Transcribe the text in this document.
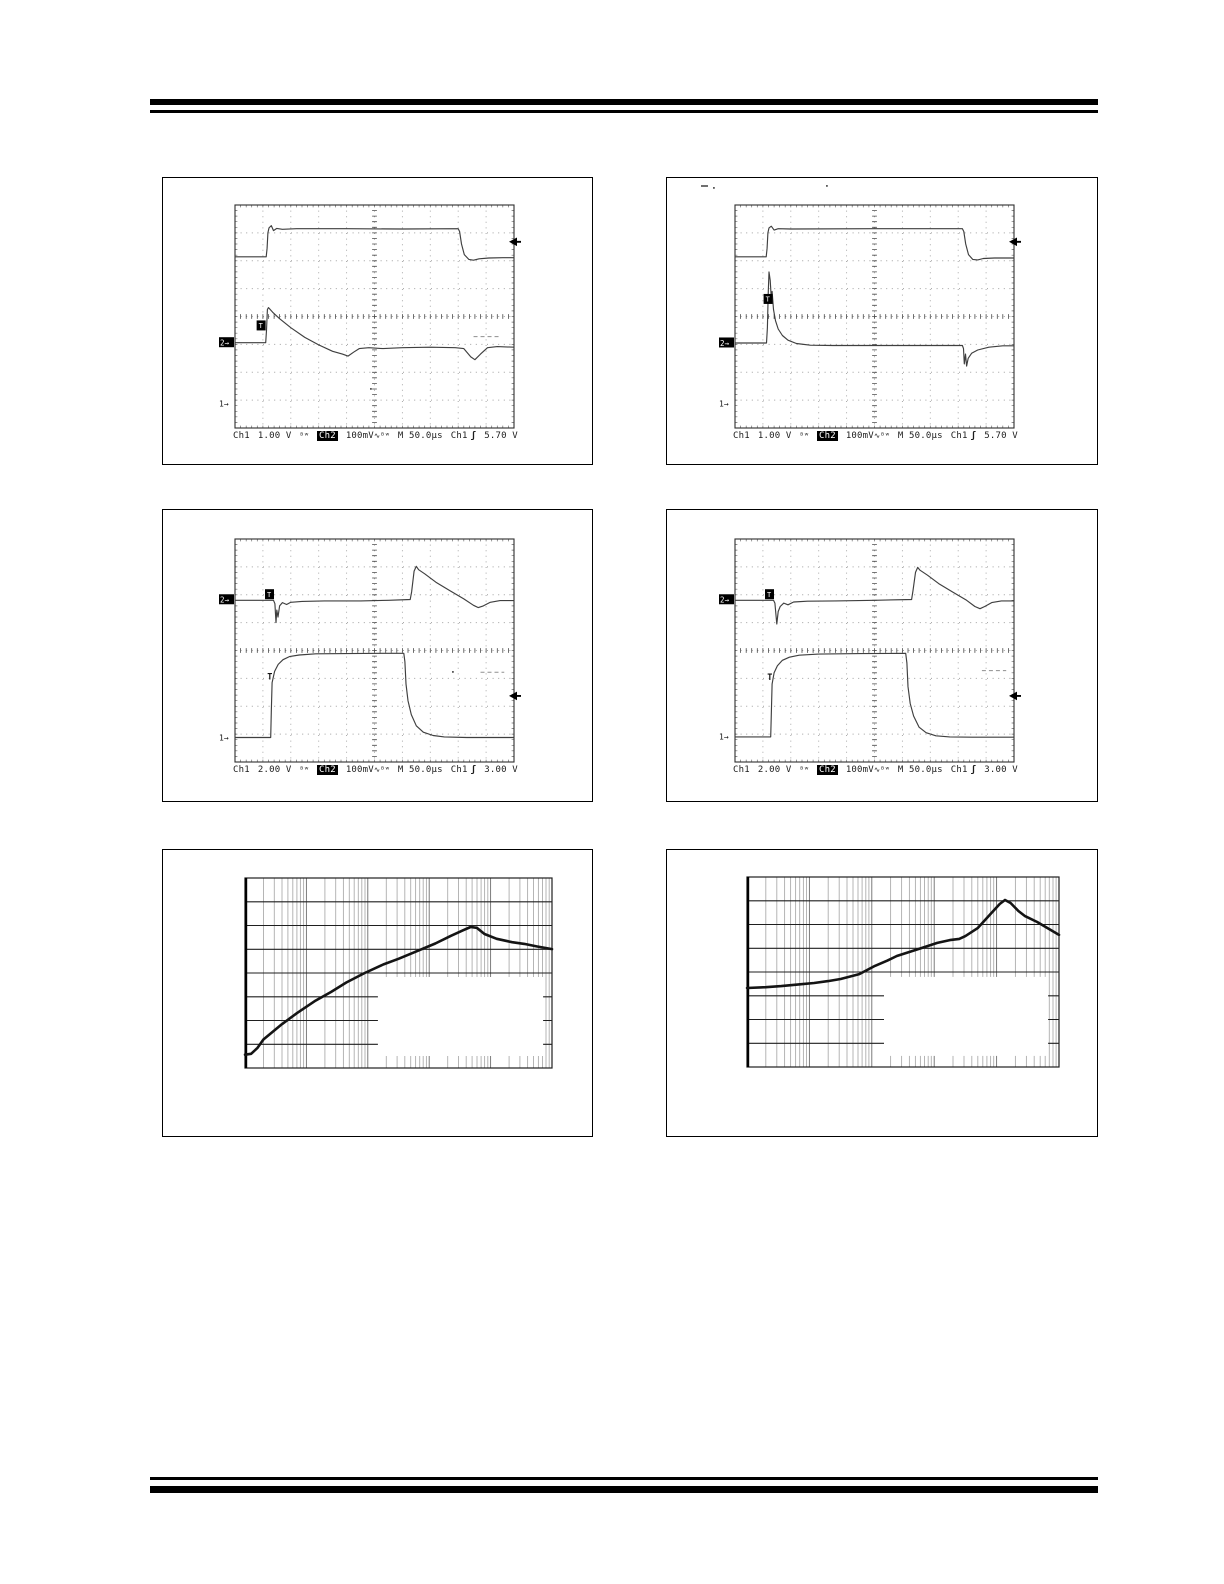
2→
1→
T
Ch1 1.00 V ᴮʷ Ch2 100mV∿ᴮʷ M 50.0µs Ch1 ʃ 5.70 V
2→
1→
T
Ch1 1.00 V ᴮʷ Ch2 100mV∿ᴮʷ M 50.0µs Ch1 ʃ 5.70 V
2→
1→
T
T
Ch1 2.00 V ᴮʷ Ch2 100mV∿ᴮʷ M 50.0µs Ch1 ʃ 3.00 V
2→
1→
T
T
Ch1 2.00 V ᴮʷ Ch2 100mV∿ᴮʷ M 50.0µs Ch1 ʃ 3.00 V
